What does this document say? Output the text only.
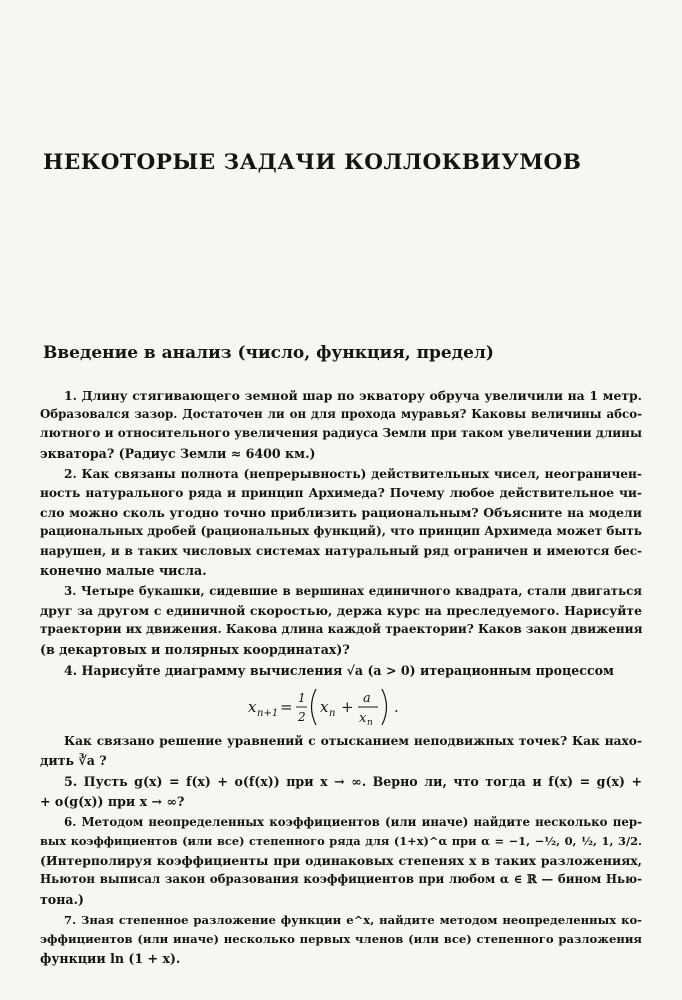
НЕКОТОРЫЕ ЗАДАЧИ КОЛЛОКВИУМОВ
Введение в анализ (число, функция, предел)
1. Длину стягивающего земной шар по экватору обруча увеличили на 1 метр.
Образовался зазор. Достаточен ли он для прохода муравья? Каковы величины абсо-
лютного и относительного увеличения радиуса Земли при таком увеличении длины
экватора? (Радиус Земли ≈ 6400 км.)
2. Как связаны полнота (непрерывность) действительных чисел, неограничен-
ность натурального ряда и принцип Архимеда? Почему любое действительное чи-
сло можно сколь угодно точно приблизить рациональным? Объясните на модели
рациональных дробей (рациональных функций), что принцип Архимеда может быть
нарушен, и в таких числовых системах натуральный ряд ограничен и имеются бес-
конечно малые числа.
3. Четыре букашки, сидевшие в вершинах единичного квадрата, стали двигаться
друг за другом с единичной скоростью, держа курс на преследуемого. Нарисуйте
траектории их движения. Какова длина каждой траектории? Каков закон движения
(в декартовых и полярных координатах)?
4. Нарисуйте диаграмму вычисления √a (a > 0) итерационным процессом
x n+1 = 1
2
x n + a
x n
.
Как связано решение уравнений с отысканием неподвижных точек? Как нахо-
дить ∛a ?
5. Пусть g(x) = f(x) + o(f(x)) при x → ∞. Верно ли, что тогда и f(x) = g(x) +
+ o(g(x)) при x → ∞?
6. Методом неопределенных коэффициентов (или иначе) найдите несколько пер-
вых коэффициентов (или все) степенного ряда для (1+x)^α при α = −1, −½, 0, ½, 1, 3/2.
(Интерполируя коэффициенты при одинаковых степенях x в таких разложениях,
Ньютон выписал закон образования коэффициентов при любом α ∈ ℝ — бином Нью-
тона.)
7. Зная степенное разложение функции e^x, найдите методом неопределенных ко-
эффициентов (или иначе) несколько первых членов (или все) степенного разложения
функции ln (1 + x).
